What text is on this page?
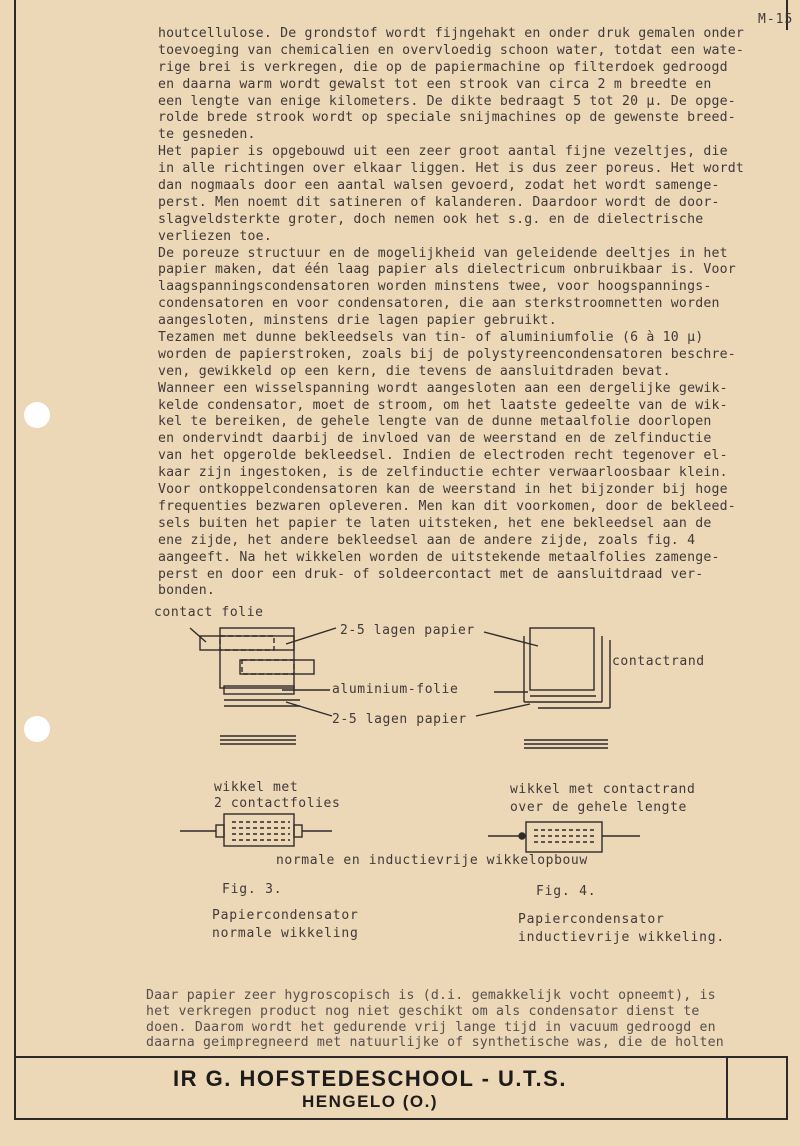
M-15
houtcellulose. De grondstof wordt fijngehakt en onder druk gemalen onder
toevoeging van chemicalien en overvloedig schoon water, totdat een wate-
rige brei is verkregen, die op de papiermachine op filterdoek gedroogd
en daarna warm wordt gewalst tot een strook van circa 2 m breedte en
een lengte van enige kilometers. De dikte bedraagt 5 tot 20 µ. De opge-
rolde brede strook wordt op speciale snijmachines op de gewenste breed-
te gesneden.
Het papier is opgebouwd uit een zeer groot aantal fijne vezeltjes, die
in alle richtingen over elkaar liggen. Het is dus zeer poreus. Het wordt
dan nogmaals door een aantal walsen gevoerd, zodat het wordt samenge-
perst. Men noemt dit satineren of kalanderen. Daardoor wordt de door-
slagveldsterkte groter, doch nemen ook het s.g. en de dielectrische
verliezen toe.
De poreuze structuur en de mogelijkheid van geleidende deeltjes in het
papier maken, dat één laag papier als dielectricum onbruikbaar is. Voor
laagspanningscondensatoren worden minstens twee, voor hoogspannings-
condensatoren en voor condensatoren, die aan sterkstroomnetten worden
aangesloten, minstens drie lagen papier gebruikt.
Tezamen met dunne bekleedsels van tin- of aluminiumfolie (6 à 10 µ)
worden de papierstroken, zoals bij de polystyreencondensatoren beschre-
ven, gewikkeld op een kern, die tevens de aansluitdraden bevat.
Wanneer een wisselspanning wordt aangesloten aan een dergelijke gewik-
kelde condensator, moet de stroom, om het laatste gedeelte van de wik-
kel te bereiken, de gehele lengte van de dunne metaalfolie doorlopen
en ondervindt daarbij de invloed van de weerstand en de zelfinductie
van het opgerolde bekleedsel. Indien de electroden recht tegenover el-
kaar zijn ingestoken, is de zelfinductie echter verwaarloosbaar klein.
Voor ontkoppelcondensatoren kan de weerstand in het bijzonder bij hoge
frequenties bezwaren opleveren. Men kan dit voorkomen, door de bekleed-
sels buiten het papier te laten uitsteken, het ene bekleedsel aan de
ene zijde, het andere bekleedsel aan de andere zijde, zoals fig. 4
aangeeft. Na het wikkelen worden de uitstekende metaalfolies zamenge-
perst en door een druk- of soldeercontact met de aansluitdraad ver-
bonden.
contact folie
2-5 lagen papier
aluminium-folie
2-5 lagen papier
contactrand
wikkel met
2 contactfolies
wikkel met contactrand
over de gehele lengte
normale en inductievrije wikkelopbouw
Fig. 3.
Papiercondensator
normale wikkeling
Fig. 4.
Papiercondensator
inductievrije wikkeling.
Daar papier zeer hygroscopisch is (d.i. gemakkelijk vocht opneemt), is
het verkregen product nog niet geschikt om als condensator dienst te
doen. Daarom wordt het gedurende vrij lange tijd in vacuum gedroogd en
daarna geimpregneerd met natuurlijke of synthetische was, die de holten
IR G. HOFSTEDESCHOOL - U.T.S.
HENGELO (O.)
